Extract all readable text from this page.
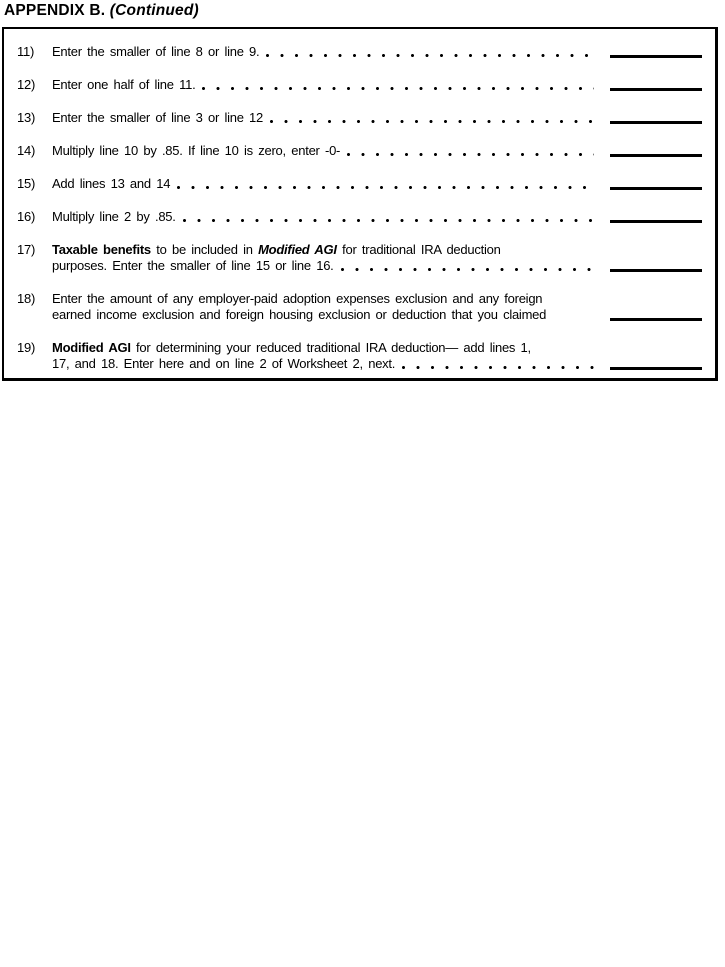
APPENDIX B. (Continued)
11)	Enter the smaller of line 8 or line 9.
12)	Enter one half of line 11.
13)	Enter the smaller of line 3 or line 12
14)	Multiply line 10 by .85. If line 10 is zero, enter -0-
15)	Add lines 13 and 14
16)	Multiply line 2 by .85.
17)	Taxable benefits to be included in Modified AGI for traditional IRA deduction
purposes. Enter the smaller of line 15 or line 16.
18)	Enter the amount of any employer-paid adoption expenses exclusion and any foreign
earned income exclusion and foreign housing exclusion or deduction that you claimed
19)	Modified AGI for determining your reduced traditional IRA deduction— add lines 1,
17, and 18. Enter here and on line 2 of Worksheet 2, next.
